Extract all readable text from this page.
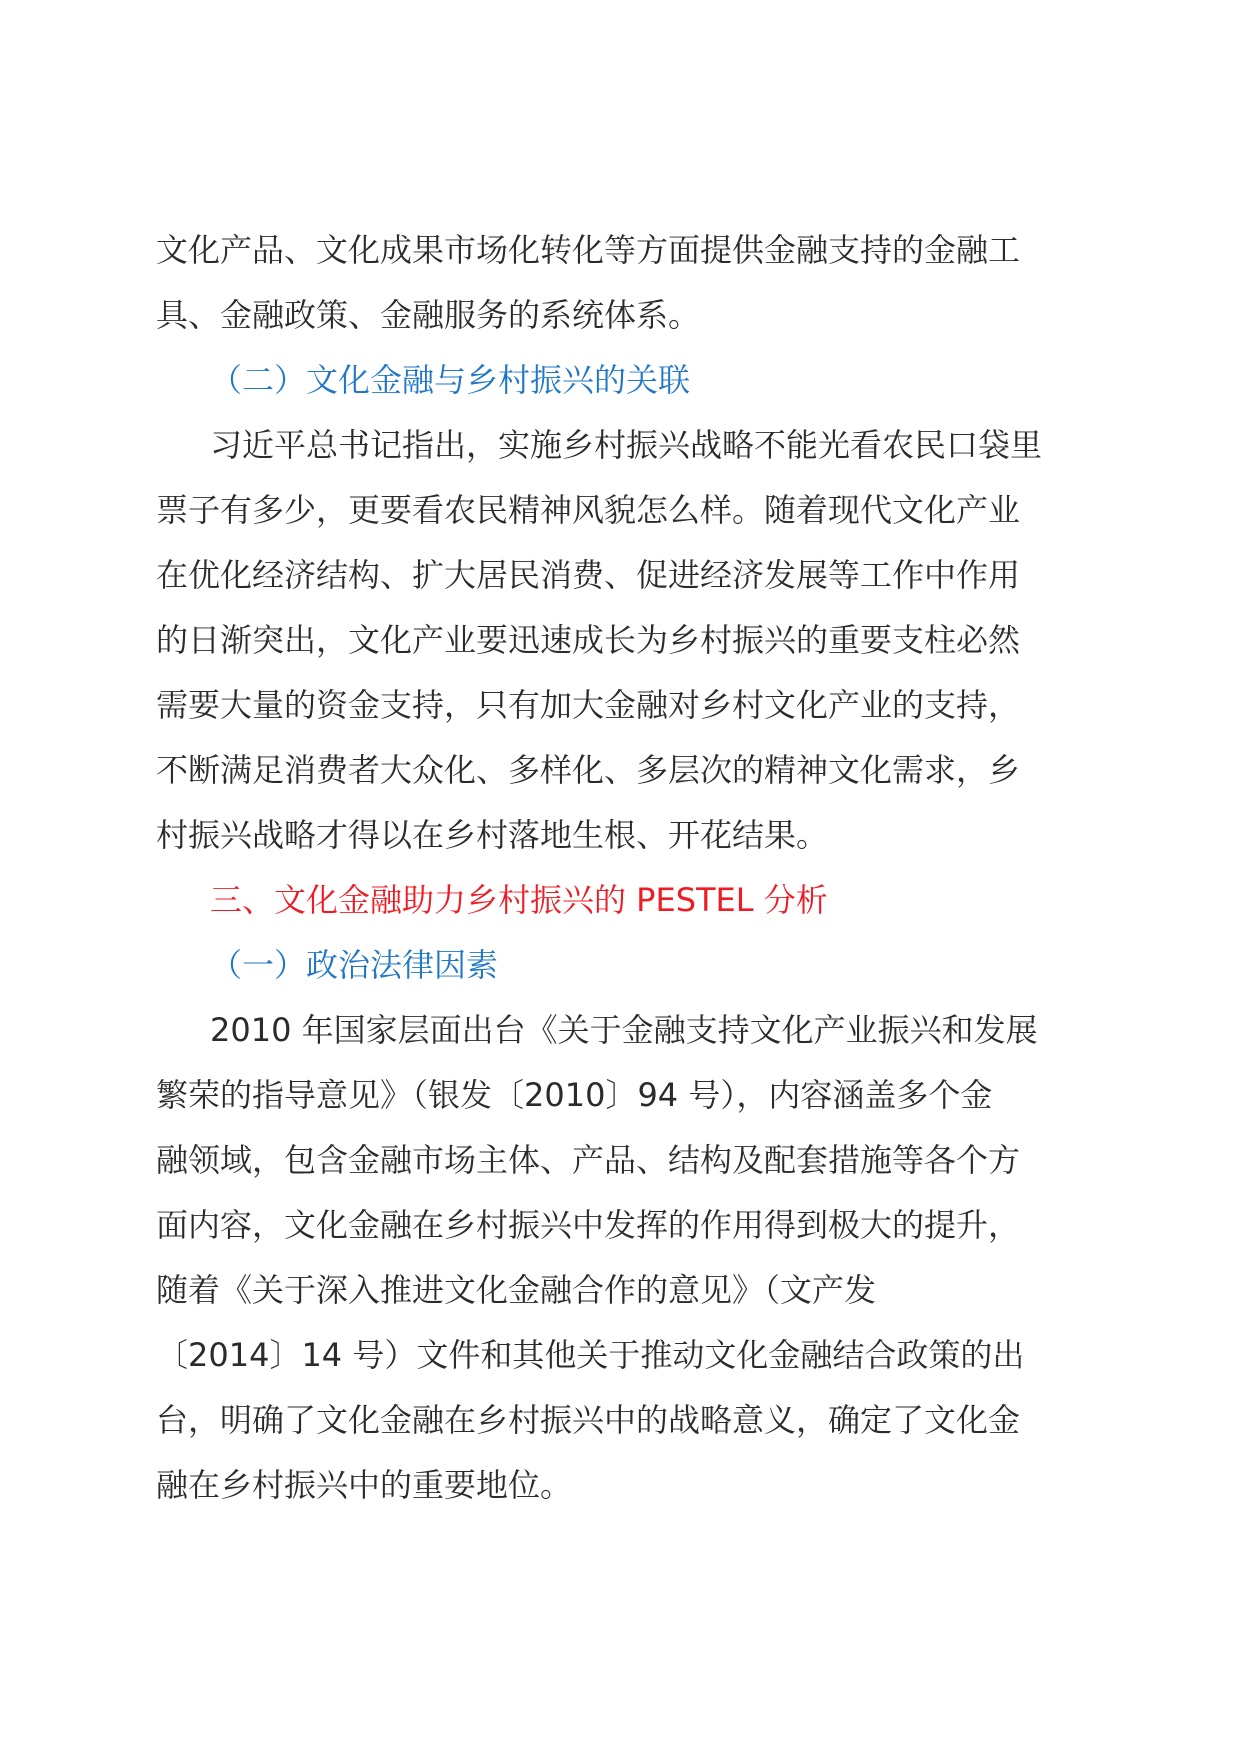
文化产品、文化成果市场化转化等方面提供金融支持的金融工
具、金融政策、金融服务的系统体系。
（二）文化金融与乡村振兴的关联
习近平总书记指出，实施乡村振兴战略不能光看农民口袋里
票子有多少，更要看农民精神风貌怎么样。随着现代文化产业
在优化经济结构、扩大居民消费、促进经济发展等工作中作用
的日渐突出，文化产业要迅速成长为乡村振兴的重要支柱必然
需要大量的资金支持，只有加大金融对乡村文化产业的支持，
不断满足消费者大众化、多样化、多层次的精神文化需求，乡
村振兴战略才得以在乡村落地生根、开花结果。
三、文化金融助力乡村振兴的 PESTEL 分析
（一）政治法律因素
2010 年国家层面出台《关于金融支持文化产业振兴和发展
繁荣的指导意见》（银发〔2010〕94 号），内容涵盖多个金
融领域，包含金融市场主体、产品、结构及配套措施等各个方
面内容，文化金融在乡村振兴中发挥的作用得到极大的提升，
随着《关于深入推进文化金融合作的意见》（文产发
〔2014〕14 号）文件和其他关于推动文化金融结合政策的出
台，明确了文化金融在乡村振兴中的战略意义，确定了文化金
融在乡村振兴中的重要地位。
